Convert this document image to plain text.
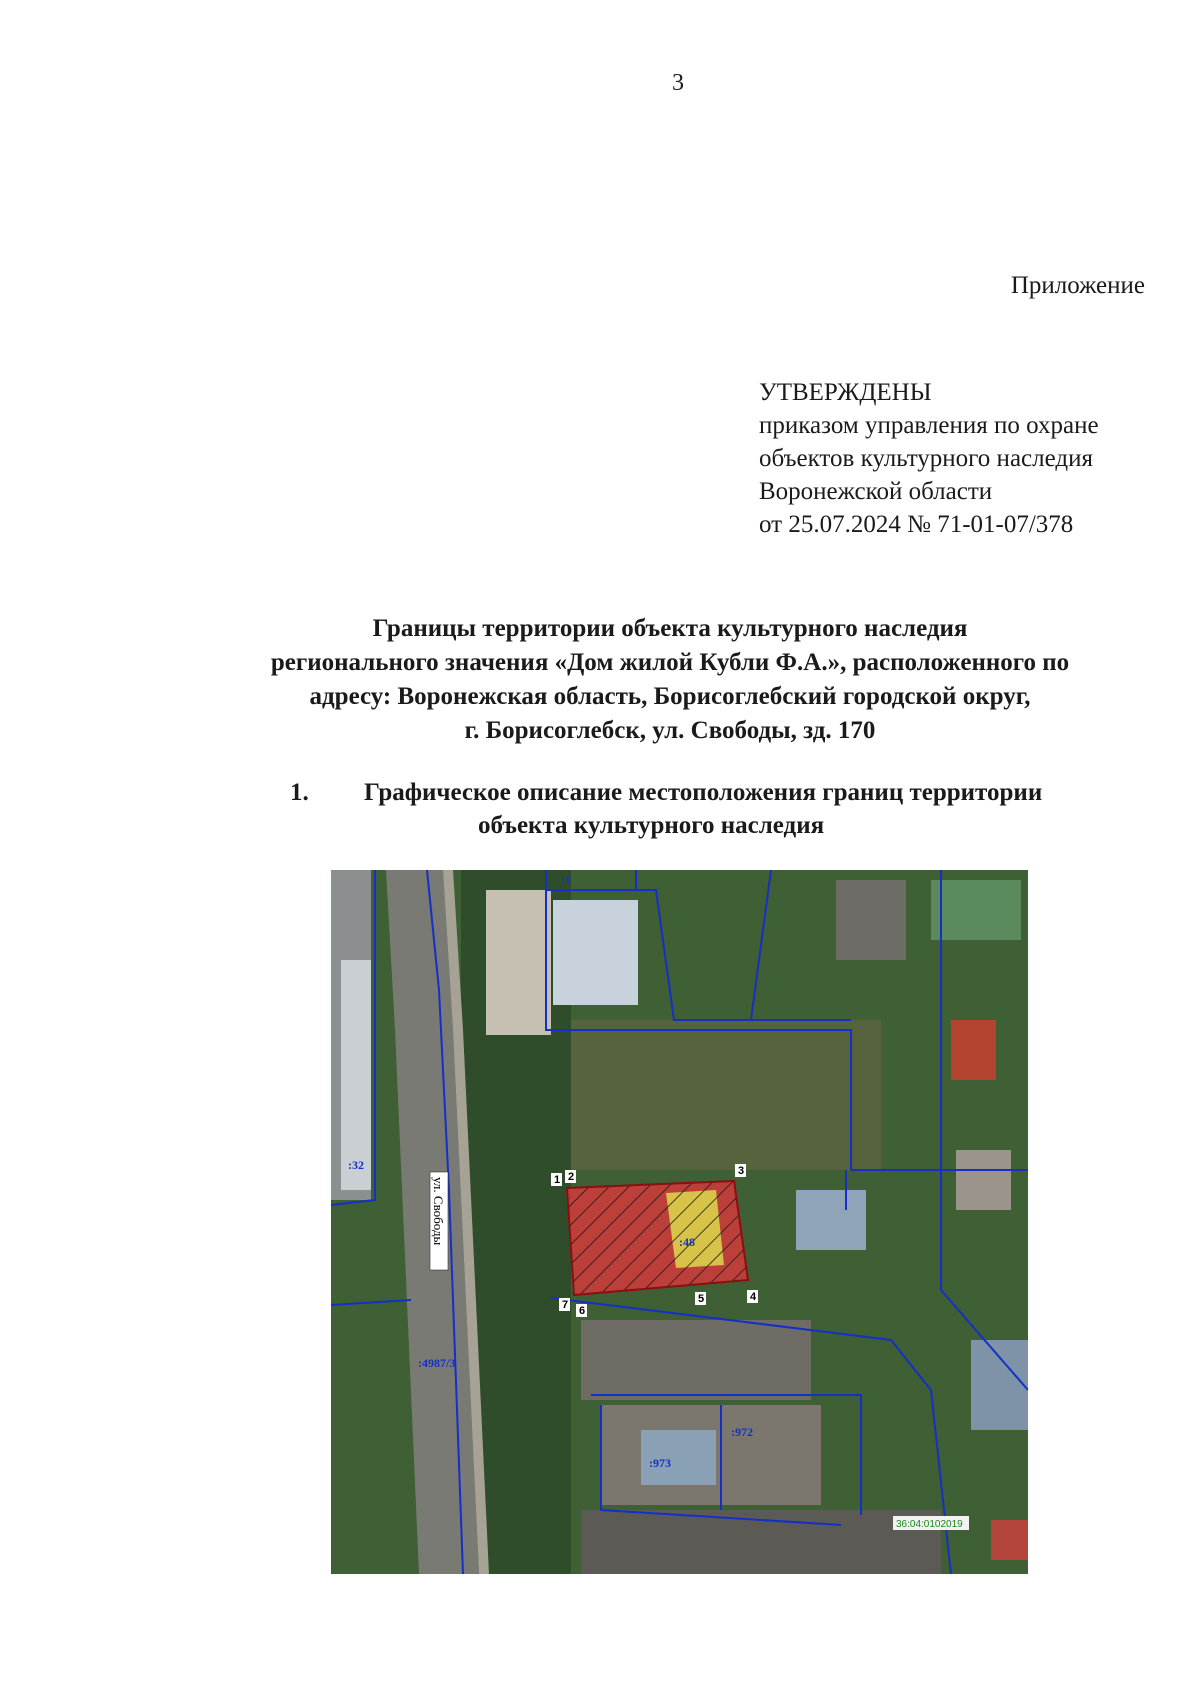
3
Приложение
УТВЕРЖДЕНЫ
приказом управления по охране
объектов культурного наследия
Воронежской области
от 25.07.2024 № 71-01-07/378
Границы территории объекта культурного наследия
регионального значения «Дом жилой Кубли Ф.А.», расположенного по
адресу: Воронежская область, Борисоглебский городской округ,
г. Борисоглебск, ул. Свободы, зд. 170
1. Графическое описание местоположения границ территории
объекта культурного наследия
:48
ул. Свободы
:1
:32
:4987/3
:973
:972
36:04:0102019
1 2	3
4
5
6
7
